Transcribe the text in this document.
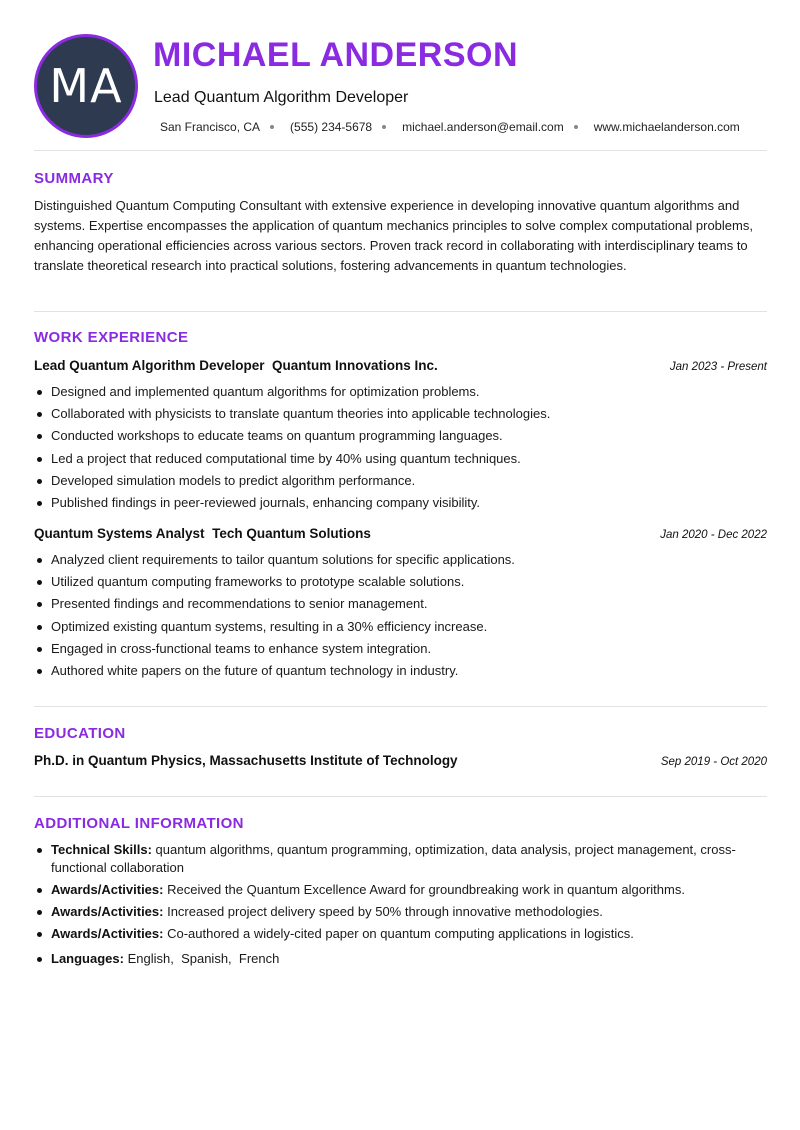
MA
MICHAEL ANDERSON
Lead Quantum Algorithm Developer
San Francisco, CA	(555) 234-5678	michael.anderson@email.com	www.michaelanderson.com
SUMMARY
Distinguished Quantum Computing Consultant with extensive experience in developing innovative quantum algorithms and systems. Expertise encompasses the application of quantum mechanics principles to solve complex computational problems, enhancing operational efficiencies across various sectors. Proven track record in collaborating with interdisciplinary teams to translate theoretical research into practical solutions, fostering advancements in quantum technologies.
WORK EXPERIENCE
Lead Quantum Algorithm Developer Quantum Innovations Inc.	Jan 2023 - Present
Designed and implemented quantum algorithms for optimization problems.
Collaborated with physicists to translate quantum theories into applicable technologies.
Conducted workshops to educate teams on quantum programming languages.
Led a project that reduced computational time by 40% using quantum techniques.
Developed simulation models to predict algorithm performance.
Published findings in peer-reviewed journals, enhancing company visibility.
Quantum Systems Analyst Tech Quantum Solutions	Jan 2020 - Dec 2022
Analyzed client requirements to tailor quantum solutions for specific applications.
Utilized quantum computing frameworks to prototype scalable solutions.
Presented findings and recommendations to senior management.
Optimized existing quantum systems, resulting in a 30% efficiency increase.
Engaged in cross-functional teams to enhance system integration.
Authored white papers on the future of quantum technology in industry.
EDUCATION
Ph.D. in Quantum Physics, Massachusetts Institute of Technology	Sep 2019 - Oct 2020
ADDITIONAL INFORMATION
Technical Skills: quantum algorithms, quantum programming, optimization, data analysis, project management, cross-functional collaboration
Awards/Activities: Received the Quantum Excellence Award for groundbreaking work in quantum algorithms.
Awards/Activities: Increased project delivery speed by 50% through innovative methodologies.
Awards/Activities: Co-authored a widely-cited paper on quantum computing applications in logistics.
Languages: English,  Spanish,  French
